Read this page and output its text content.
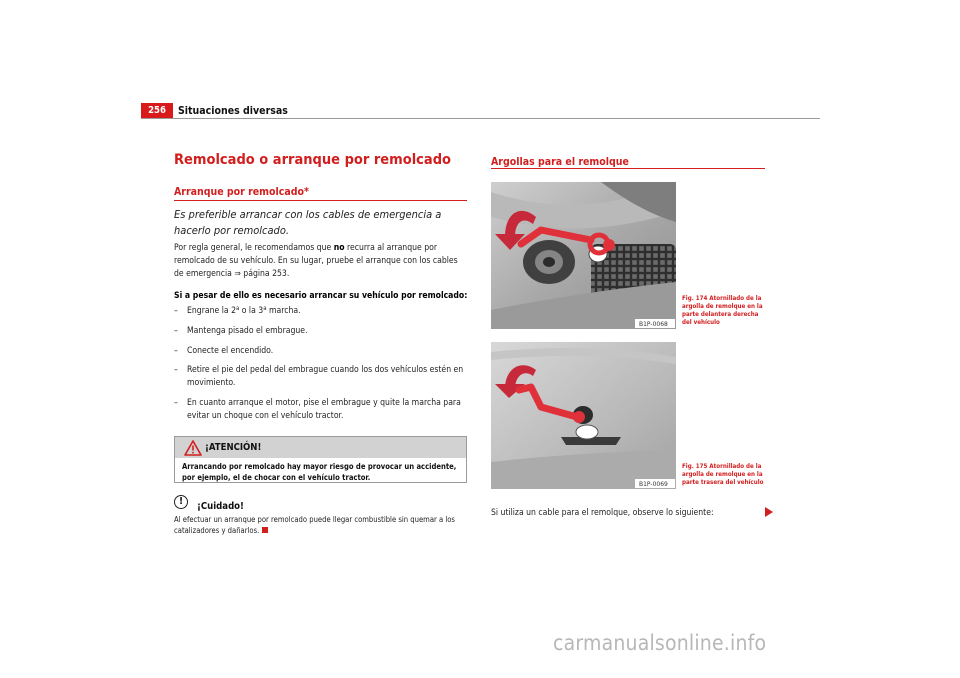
256	Situaciones diversas
Remolcado o arranque por remolcado
Arranque por remolcado*
Es preferible arrancar con los cables de emergencia a hacerlo por remolcado.
Por regla general, le recomendamos que no recurra al arranque por remolcado de su vehículo. En su lugar, pruebe el arranque con los cables de emergencia ⇒ página 253.
Si a pesar de ello es necesario arrancar su vehículo por remolcado:
– Engrane la 2$^a$ o la 3$^a$ marcha.
– Mantenga pisado el embrague.
– Conecte el encendido.
– Retire el pie del pedal del embrague cuando los dos vehículos estén en movimiento.
– En cuanto arranque el motor, pise el embrague y quite la marcha para evitar un choque con el vehículo tractor.
¡ATENCIÓN!
Arrancando por remolcado hay mayor riesgo de provocar un accidente, por ejemplo, el de chocar con el vehículo tractor.
!	¡Cuidado!
Al efectuar un arranque por remolcado puede llegar combustible sin quemar a los catalizadores y dañarlos.
Argollas para el remolque
B1P-0068
Fig. 174 Atornillado de la argolla de remolque en la parte delantera derecha del vehículo
B1P-0069
Fig. 175 Atornillado de la argolla de remolque en la parte trasera del vehículo
Si utiliza un cable para el remolque, observe lo siguiente:
carmanualsonline.info
